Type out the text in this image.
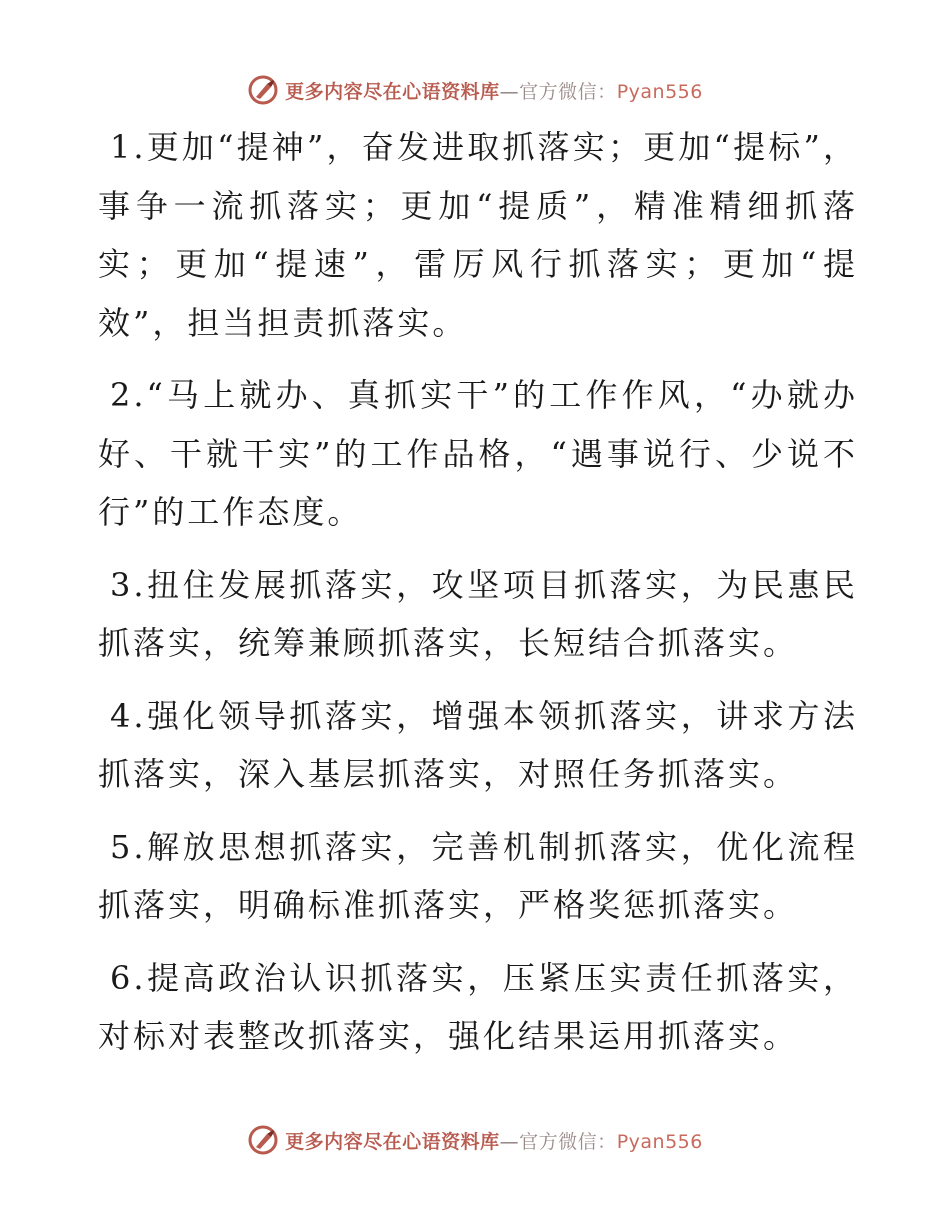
更多内容尽在心语资料库—官方微信：Pyan556

1.更加“提神”，奋发进取抓落实；更加“提标”，事争一流抓落实；更加“提质”，精准精细抓落实；更加“提速”，雷厉风行抓落实；更加“提效”，担当担责抓落实。

2.“马上就办、真抓实干”的工作作风，“办就办好、干就干实”的工作品格，“遇事说行、少说不行”的工作态度。

3.扭住发展抓落实，攻坚项目抓落实，为民惠民抓落实，统筹兼顾抓落实，长短结合抓落实。

4.强化领导抓落实，增强本领抓落实，讲求方法抓落实，深入基层抓落实，对照任务抓落实。

5.解放思想抓落实，完善机制抓落实，优化流程抓落实，明确标准抓落实，严格奖惩抓落实。

6.提高政治认识抓落实，压紧压实责任抓落实，对标对表整改抓落实，强化结果运用抓落实。

更多内容尽在心语资料库—官方微信：Pyan556
